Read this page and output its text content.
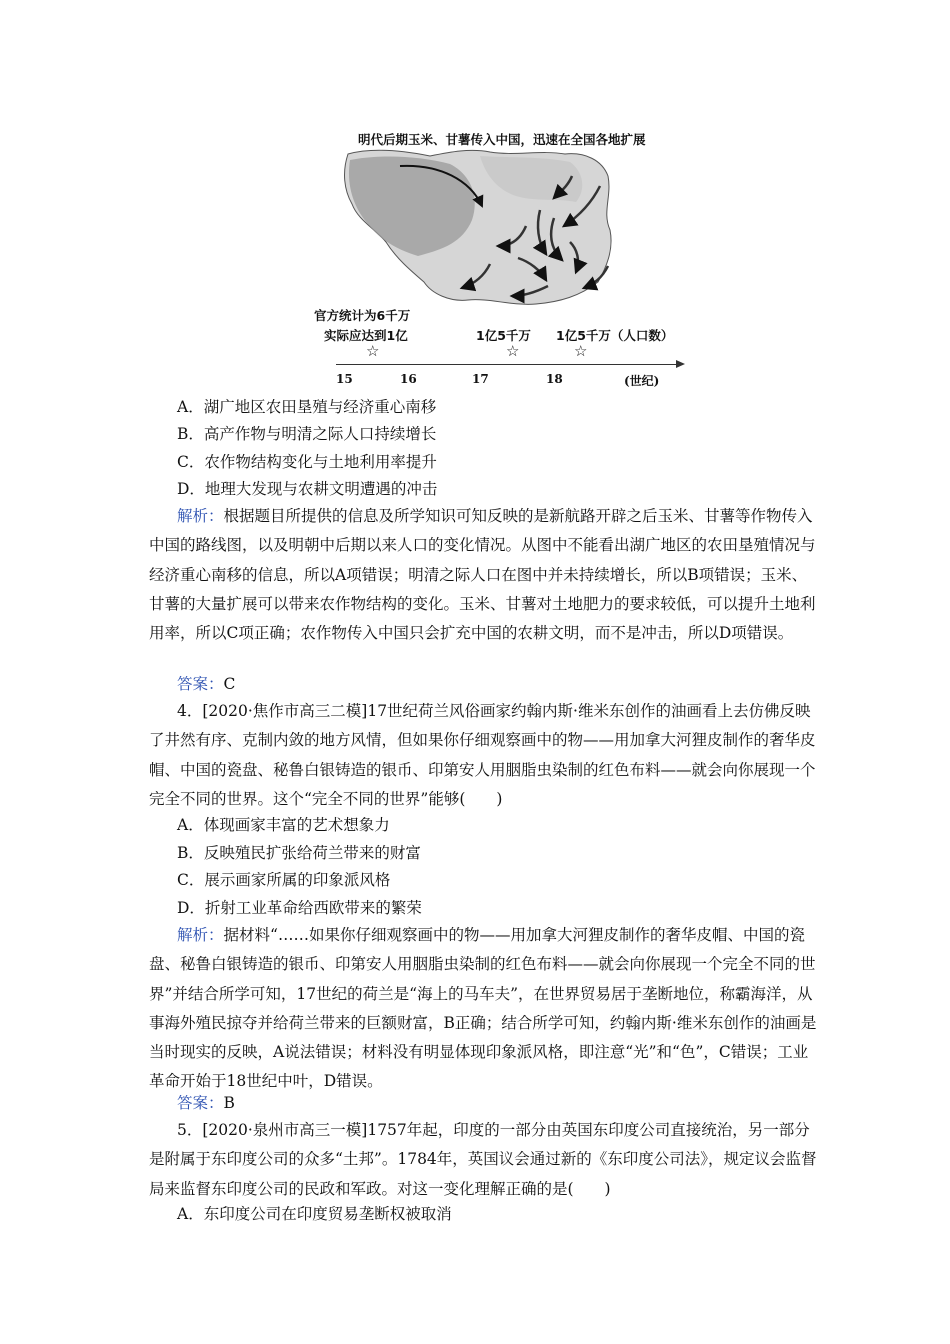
明代后期玉米、甘薯传入中国，迅速在全国各地扩展
官方统计为6千万
实际应达到1亿	1亿5千万 1亿5千万（人口数）
☆	☆	☆
15	16	17	18	(世纪)
A．湖广地区农田垦殖与经济重心南移
B．高产作物与明清之际人口持续增长
C．农作物结构变化与土地利用率提升
D．地理大发现与农耕文明遭遇的冲击
解析：根据题目所提供的信息及所学知识可知反映的是新航路开辟之后玉米、甘薯等作物传入中国的路线图，以及明朝中后期以来人口的变化情况。从图中不能看出湖广地区的农田垦殖情况与经济重心南移的信息，所以A项错误；明清之际人口在图中并未持续增长，所以B项错误；玉米、甘薯的大量扩展可以带来农作物结构的变化。玉米、甘薯对土地肥力的要求较低，可以提升土地利用率，所以C项正确；农作物传入中国只会扩充中国的农耕文明，而不是冲击，所以D项错误。
答案：C
4．[2020·焦作市高三二模]17世纪荷兰风俗画家约翰内斯·维米东创作的油画看上去仿佛反映了井然有序、克制内敛的地方风情，但如果你仔细观察画中的物——用加拿大河狸皮制作的奢华皮帽、中国的瓷盘、秘鲁白银铸造的银币、印第安人用胭脂虫染制的红色布料——就会向你展现一个完全不同的世界。这个“完全不同的世界”能够(　　)
A．体现画家丰富的艺术想象力
B．反映殖民扩张给荷兰带来的财富
C．展示画家所属的印象派风格
D．折射工业革命给西欧带来的繁荣
解析：据材料“……如果你仔细观察画中的物——用加拿大河狸皮制作的奢华皮帽、中国的瓷盘、秘鲁白银铸造的银币、印第安人用胭脂虫染制的红色布料——就会向你展现一个完全不同的世界”并结合所学可知，17世纪的荷兰是“海上的马车夫”，在世界贸易居于垄断地位，称霸海洋，从事海外殖民掠夺并给荷兰带来的巨额财富，B正确；结合所学可知，约翰内斯·维米东创作的油画是当时现实的反映，A说法错误；材料没有明显体现印象派风格，即注意“光”和“色”，C错误；工业革命开始于18世纪中叶，D错误。
答案：B
5．[2020·泉州市高三一模]1757年起，印度的一部分由英国东印度公司直接统治，另一部分是附属于东印度公司的众多“土邦”。1784年，英国议会通过新的《东印度公司法》，规定议会监督局来监督东印度公司的民政和军政。对这一变化理解正确的是(　　)
A．东印度公司在印度贸易垄断权被取消
